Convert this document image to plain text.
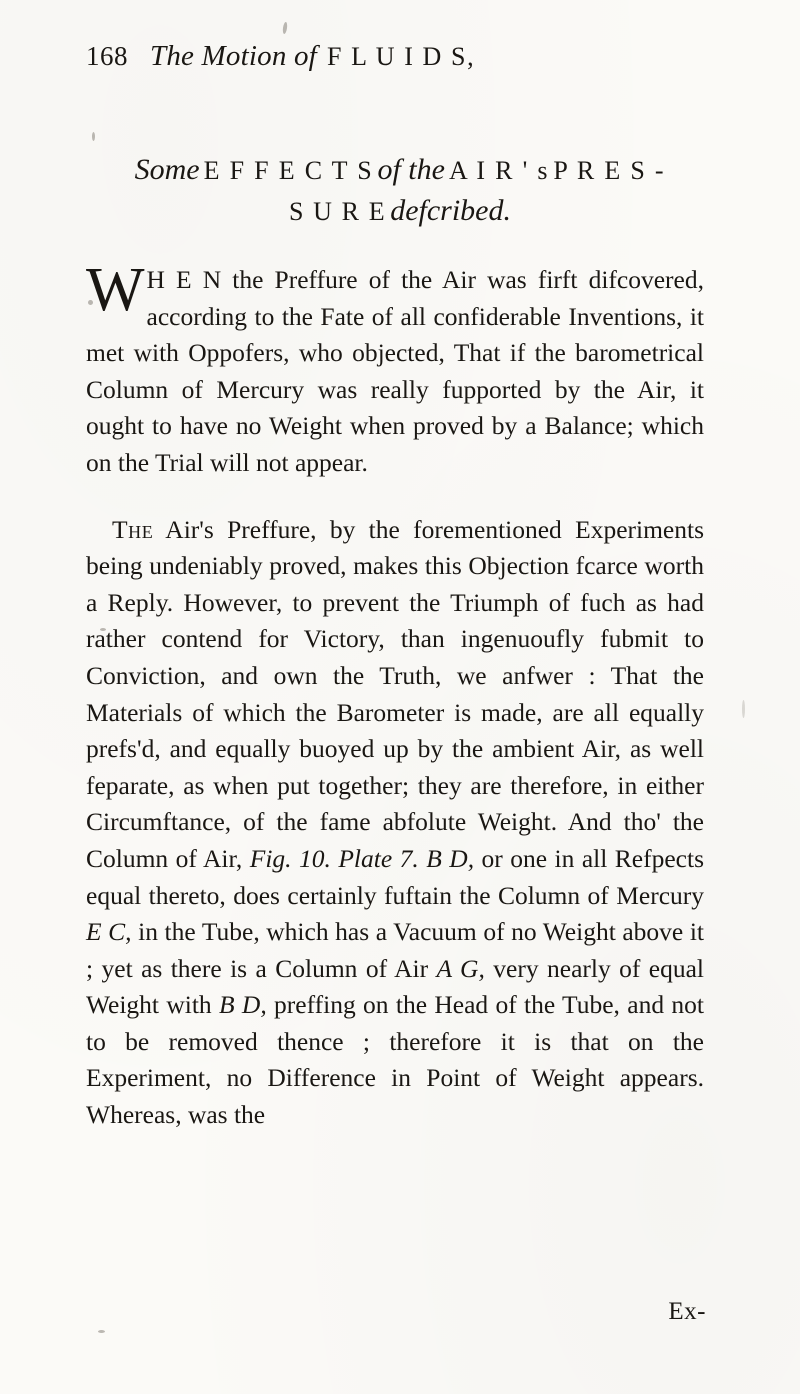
168 The Motion of F L U I D S,
Some E F F E C T S of the A I R ' s P R E S -
S U R E defcribed.

W H E N the Preffure of the Air was firft difcovered, according to the Fate of all confiderable Inventions, it met with Oppofers, who objected, That if the barometrical Column of Mercury was really fupported by the Air, it ought to have no Weight when proved by a Balance; which on the Trial will not appear.

The Air's Preffure, by the forementioned Experiments being undeniably proved, makes this Objection fcarce worth a Reply. However, to prevent the Triumph of fuch as had rather contend for Victory, than ingenuoufly fubmit to Conviction, and own the Truth, we anfwer : That the Materials of which the Barometer is made, are all equally prefs'd, and equally buoyed up by the ambient Air, as well feparate, as when put together; they are therefore, in either Circumftance, of the fame abfolute Weight. And tho' the Column of Air, Fig. 10. Plate 7. B D, or one in all Refpects equal thereto, does certainly fuftain the Column of Mercury E C, in the Tube, which has a Vacuum of no Weight above it ; yet as there is a Column of Air A G, very nearly of equal Weight with B D, preffing on the Head of the Tube, and not to be removed thence ; therefore it is that on the Experiment, no Difference in Point of Weight appears. Whereas, was the

Ex-
